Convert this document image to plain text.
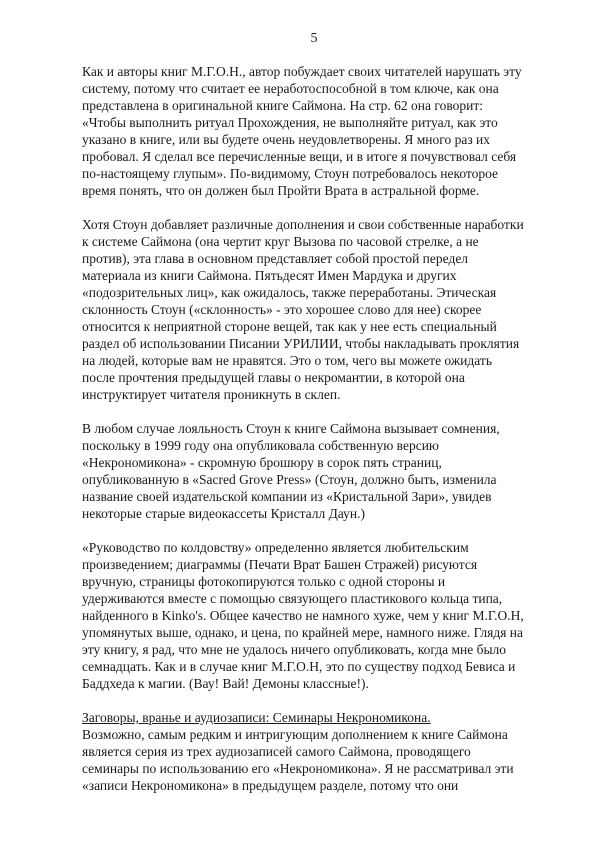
5

Как и авторы книг М.Г.О.Н., автор побуждает своих читателей нарушать эту систему, потому что считает ее неработоспособной в том ключе, как она представлена в оригинальной книге Саймона. На стр. 62 она говорит: «Чтобы выполнить ритуал Прохождения, не выполняйте ритуал, как это указано в книге, или вы будете очень неудовлетворены. Я много раз их пробовал. Я сделал все перечисленные вещи, и в итоге я почувствовал себя по-настоящему глупым». По-видимому, Стоун потребовалось некоторое время понять, что он должен был Пройти Врата в астральной форме.

Хотя Стоун добавляет различные дополнения и свои собственные наработки к системе Саймона (она чертит круг Вызова по часовой стрелке, а не против), эта глава в основном представляет собой простой передел материала из книги Саймона. Пятьдесят Имен Мардука и других «подозрительных лиц», как ожидалось, также переработаны. Этическая склонность Стоун («склонность» - это хорошее слово для нее) скорее относится к неприятной стороне вещей, так как у нее есть специальный раздел об использовании Писании УРИЛИИ, чтобы накладывать проклятия на людей, которые вам не нравятся. Это о том, чего вы можете ожидать после прочтения предыдущей главы о некромантии, в которой она инструктирует читателя проникнуть в склеп.

В любом случае лояльность Стоун к книге Саймона вызывает сомнения, поскольку в 1999 году она опубликовала собственную версию «Некрономикона» - скромную брошюру в сорок пять страниц, опубликованную в «Sacred Grove Press» (Стоун, должно быть, изменила название своей издательской компании из «Кристальной Зари», увидев некоторые старые видеокассеты Кристалл Даун.)

«Руководство по колдовству» определенно является любительским произведением; диаграммы (Печати Врат Башен Стражей) рисуются вручную, страницы фотокопируются только с одной стороны и удерживаются вместе с помощью связующего пластикового кольца типа, найденного в Kinko's. Общее качество не намного хуже, чем у книг М.Г.О.Н, упомянутых выше, однако, и цена, по крайней мере, намного ниже. Глядя на эту книгу, я рад, что мне не удалось ничего опубликовать, когда мне было семнадцать. Как и в случае книг М.Г.О.Н, это по существу подход Бевиса и Баддхеда к магии. (Вау! Вай! Демоны классные!).

Заговоры, вранье и аудиозаписи: Семинары Некрономикона.
Возможно, самым редким и интригующим дополнением к книге Саймона является серия из трех аудиозаписей самого Саймона, проводящего семинары по использованию его «Некрономикона». Я не рассматривал эти «записи Некрономикона» в предыдущем разделе, потому что они
